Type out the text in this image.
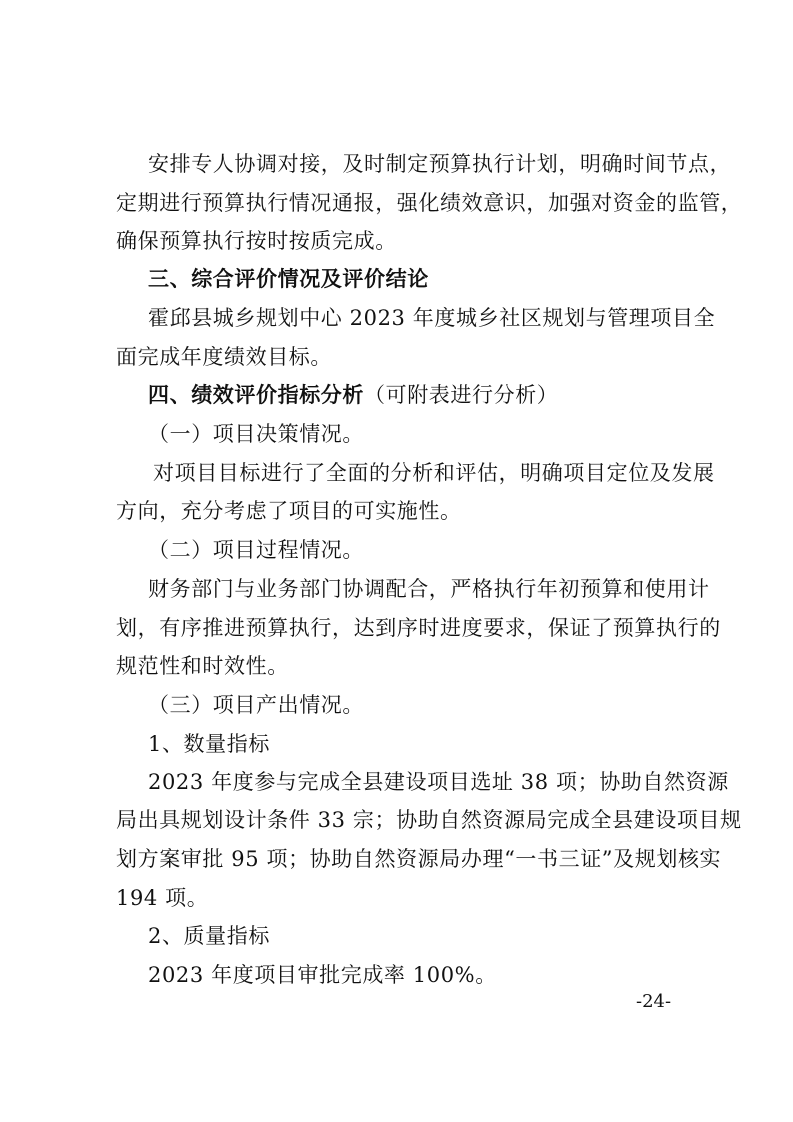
安排专人协调对接，及时制定预算执行计划，明确时间节点，
定期进行预算执行情况通报，强化绩效意识，加强对资金的监管，
确保预算执行按时按质完成。
三、综合评价情况及评价结论
霍邱县城乡规划中心 2023 年度城乡社区规划与管理项目全
面完成年度绩效目标。
四、绩效评价指标分析（可附表进行分析）
（一）项目决策情况。
对项目目标进行了全面的分析和评估，明确项目定位及发展
方向，充分考虑了项目的可实施性。
（二）项目过程情况。
财务部门与业务部门协调配合，严格执行年初预算和使用计
划，有序推进预算执行，达到序时进度要求，保证了预算执行的
规范性和时效性。
（三）项目产出情况。
1、数量指标
2023 年度参与完成全县建设项目选址 38 项；协助自然资源
局出具规划设计条件 33 宗；协助自然资源局完成全县建设项目规
划方案审批 95 项；协助自然资源局办理“一书三证”及规划核实
194 项。
2、质量指标
2023 年度项目审批完成率 100%。
-24-
